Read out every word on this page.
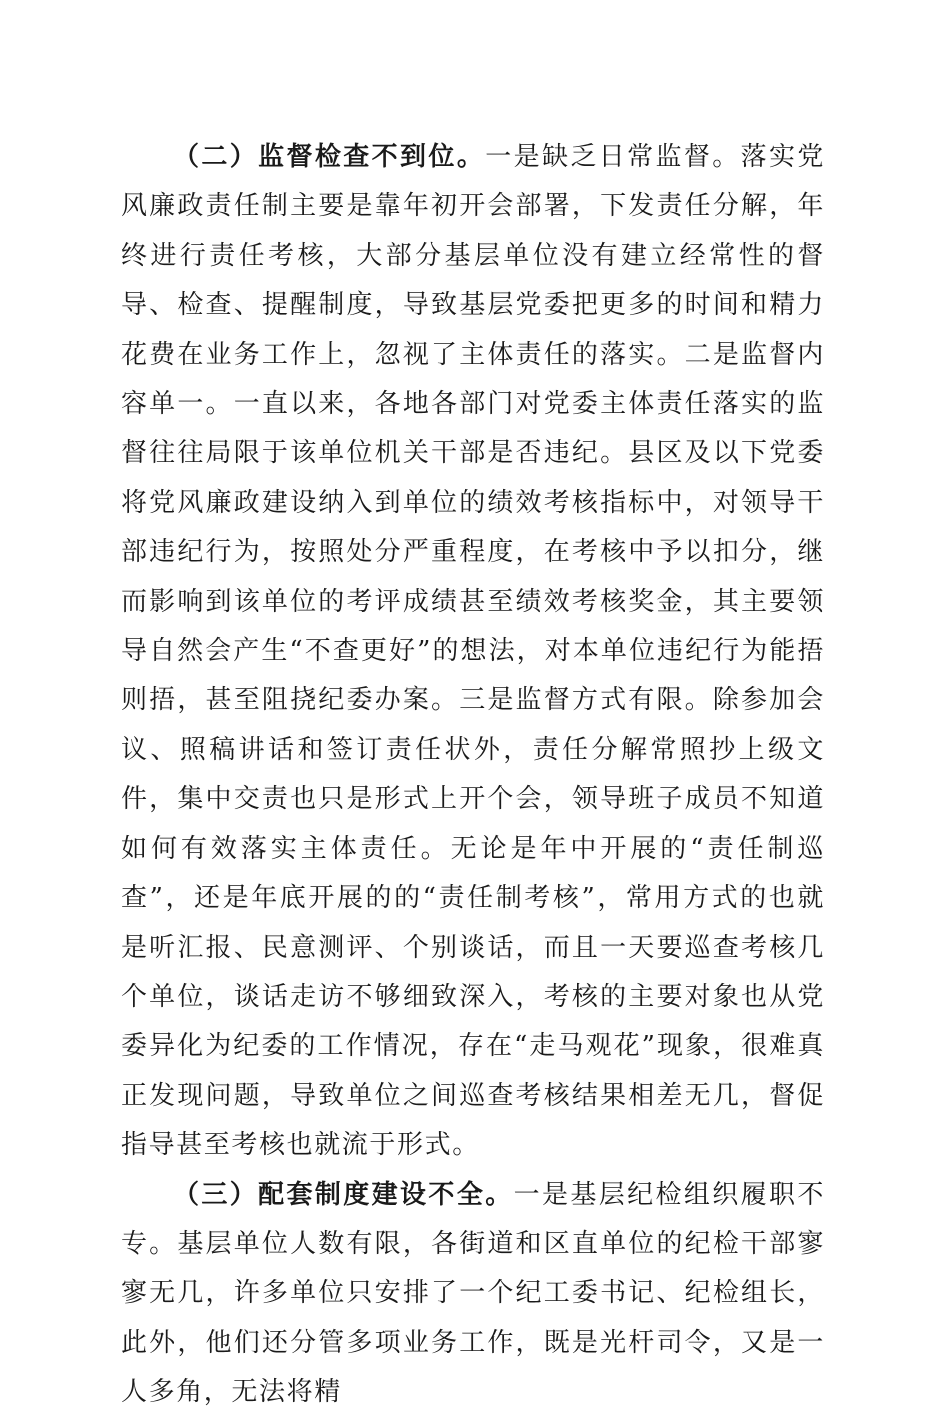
（二）监督检查不到位。一是缺乏日常监督。落实党风廉政责任制主要是靠年初开会部署，下发责任分解，年终进行责任考核，大部分基层单位没有建立经常性的督导、检查、提醒制度，导致基层党委把更多的时间和精力花费在业务工作上，忽视了主体责任的落实。二是监督内容单一。一直以来，各地各部门对党委主体责任落实的监督往往局限于该单位机关干部是否违纪。县区及以下党委将党风廉政建设纳入到单位的绩效考核指标中，对领导干部违纪行为，按照处分严重程度，在考核中予以扣分，继而影响到该单位的考评成绩甚至绩效考核奖金，其主要领导自然会产生“不查更好”的想法，对本单位违纪行为能捂则捂，甚至阻挠纪委办案。三是监督方式有限。除参加会议、照稿讲话和签订责任状外，责任分解常照抄上级文件，集中交责也只是形式上开个会，领导班子成员不知道如何有效落实主体责任。无论是年中开展的“责任制巡查”，还是年底开展的的“责任制考核”，常用方式的也就是听汇报、民意测评、个别谈话，而且一天要巡查考核几个单位，谈话走访不够细致深入，考核的主要对象也从党委异化为纪委的工作情况，存在“走马观花”现象，很难真正发现问题，导致单位之间巡查考核结果相差无几，督促指导甚至考核也就流于形式。

（三）配套制度建设不全。一是基层纪检组织履职不专。基层单位人数有限，各街道和区直单位的纪检干部寥寥无几，许多单位只安排了一个纪工委书记、纪检组长，此外，他们还分管多项业务工作，既是光杆司令，又是一人多角，无法将精
